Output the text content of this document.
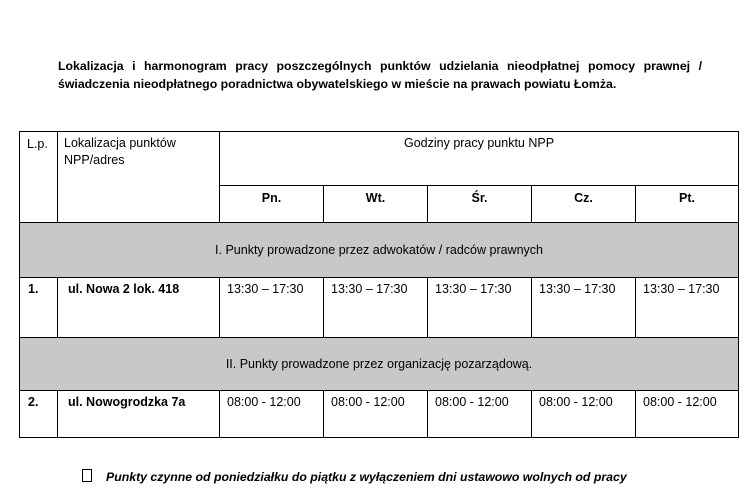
Lokalizacja i harmonogram pracy poszczególnych punktów udzielania nieodpłatnej pomocy prawnej / świadczenia nieodpłatnego poradnictwa obywatelskiego w mieście na prawach powiatu Łomża.
L.p.	Lokalizacja punktów NPP/adres	Godziny pracy punktu NPP				
		Pn.	Wt.	Śr.	Cz.	Pt.
I. Punkty prowadzone przez adwokatów / radców prawnych						
1.	ul. Nowa 2 lok. 418	13:30 – 17:30	13:30 – 17:30	13:30 – 17:30	13:30 – 17:30	13:30 – 17:30
II. Punkty prowadzone przez organizację pozarządową.						
2.	ul. Nowogrodzka 7a	08:00 - 12:00	08:00 - 12:00	08:00 - 12:00	08:00 - 12:00	08:00 - 12:00
Punkty czynne od poniedziałku do piątku z wyłączeniem dni ustawowo wolnych od pracy
